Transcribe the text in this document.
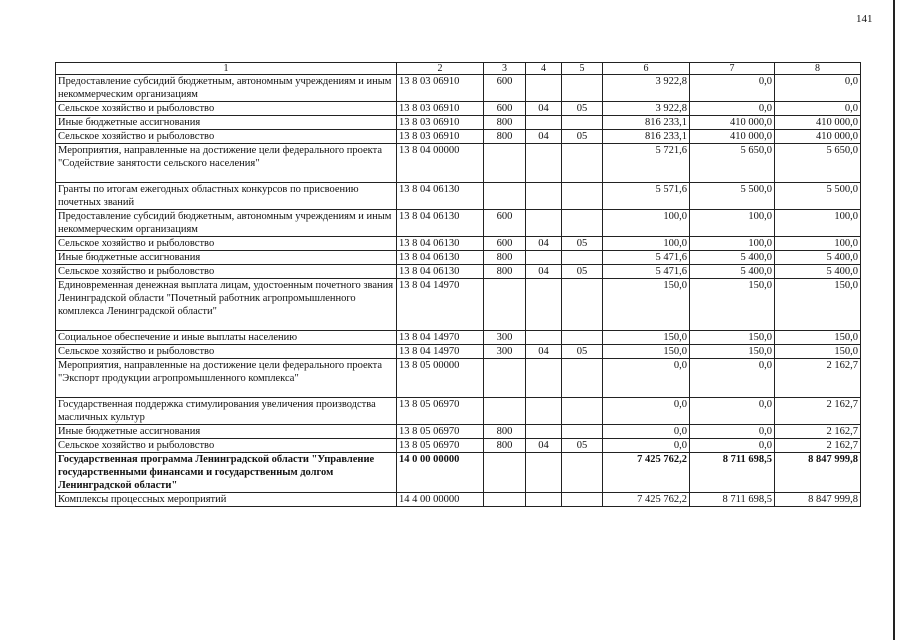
141
1	2	3	4	5	6	7	8
Предоставление субсидий бюджетным, автономным учреждениям и иным некоммерческим организациям	13 8 03 06910	600			3 922,8	0,0	0,0
Сельское хозяйство и рыболовство	13 8 03 06910	600	04	05	3 922,8	0,0	0,0
Иные бюджетные ассигнования	13 8 03 06910	800			816 233,1	410 000,0	410 000,0
Сельское хозяйство и рыболовство	13 8 03 06910	800	04	05	816 233,1	410 000,0	410 000,0
Мероприятия, направленные на достижение цели федерального проекта "Содействие занятости сельского населения"	13 8 04 00000				5 721,6	5 650,0	5 650,0
Гранты по итогам ежегодных областных конкурсов по присвоению почетных званий	13 8 04 06130				5 571,6	5 500,0	5 500,0
Предоставление субсидий бюджетным, автономным учреждениям и иным некоммерческим организациям	13 8 04 06130	600			100,0	100,0	100,0
Сельское хозяйство и рыболовство	13 8 04 06130	600	04	05	100,0	100,0	100,0
Иные бюджетные ассигнования	13 8 04 06130	800			5 471,6	5 400,0	5 400,0
Сельское хозяйство и рыболовство	13 8 04 06130	800	04	05	5 471,6	5 400,0	5 400,0
Единовременная денежная выплата лицам, удостоенным почетного звания Ленинградской области "Почетный работник агропромышленного комплекса Ленинградской области"	13 8 04 14970				150,0	150,0	150,0
Социальное обеспечение и иные выплаты населению	13 8 04 14970	300			150,0	150,0	150,0
Сельское хозяйство и рыболовство	13 8 04 14970	300	04	05	150,0	150,0	150,0
Мероприятия, направленные на достижение цели федерального проекта "Экспорт продукции агропромышленного комплекса"	13 8 05 00000				0,0	0,0	2 162,7
Государственная поддержка стимулирования увеличения производства масличных культур	13 8 05 06970				0,0	0,0	2 162,7
Иные бюджетные ассигнования	13 8 05 06970	800			0,0	0,0	2 162,7
Сельское хозяйство и рыболовство	13 8 05 06970	800	04	05	0,0	0,0	2 162,7
Государственная программа Ленинградской области "Управление государственными финансами и государственным долгом Ленинградской области"	14 0 00 00000				7 425 762,2	8 711 698,5	8 847 999,8
Комплексы процессных мероприятий	14 4 00 00000				7 425 762,2	8 711 698,5	8 847 999,8
